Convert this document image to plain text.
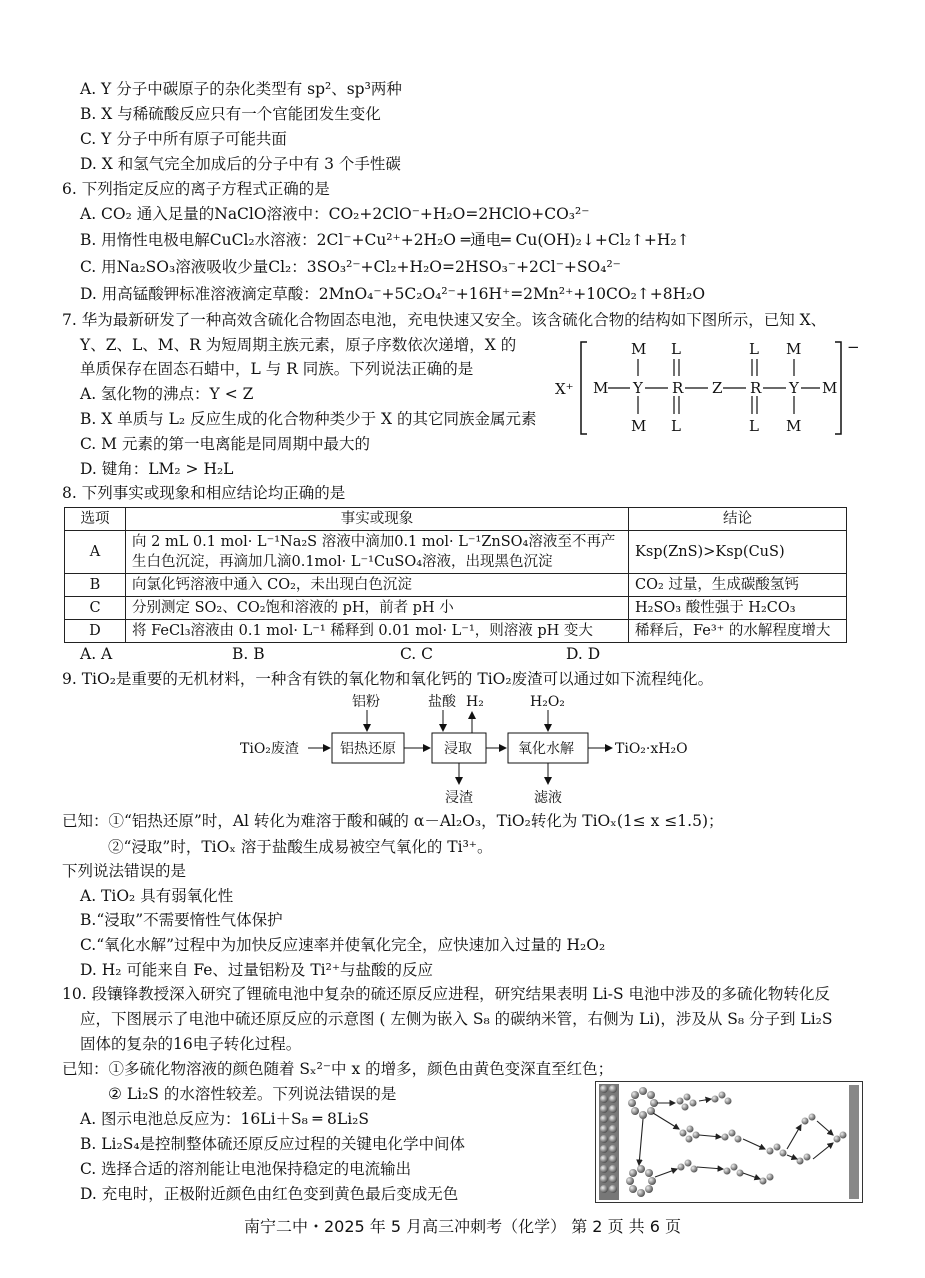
A. Y 分子中碳原子的杂化类型有 sp²、sp³两种
B. X 与稀硫酸反应只有一个官能团发生变化
C. Y 分子中所有原子可能共面
D. X 和氢气完全加成后的分子中有 3 个手性碳
6. 下列指定反应的离子方程式正确的是
A. CO₂ 通入足量的NaClO溶液中：CO₂+2ClO⁻+H₂O=2HClO+CO₃²⁻
B. 用惰性电极电解CuCl₂水溶液：2Cl⁻+Cu²⁺+2H₂O ═通电═ Cu(OH)₂↓+Cl₂↑+H₂↑
C. 用Na₂SO₃溶液吸收少量Cl₂：3SO₃²⁻+Cl₂+H₂O=2HSO₃⁻+2Cl⁻+SO₄²⁻
D. 用高锰酸钾标准溶液滴定草酸：2MnO₄⁻+5C₂O₄²⁻+16H⁺=2Mn²⁺+10CO₂↑+8H₂O
7. 华为最新研发了一种高效含硫化合物固态电池，充电快速又安全。该含硫化合物的结构如下图所示，已知 X、
Y、Z、L、M、R 为短周期主族元素，原子序数依次递增，X 的
单质保存在固态石蜡中，L 与 R 同族。下列说法正确的是
A. 氢化物的沸点：Y < Z
B. X 单质与 L₂ 反应生成的化合物种类少于 X 的其它同族金属元素
C. M 元素的第一电离能是同周期中最大的
D. 键角：LM₂ > H₂L
X⁺
−
M Y R Z R Y M
M
M
L
L
L
L
M
M
8. 下列事实或现象和相应结论均正确的是
选项	事实或现象	结论
A	向 2 mL 0.1 mol· L⁻¹Na₂S 溶液中滴加0.1 mol· L⁻¹ZnSO₄溶液至不再产生白色沉淀，再滴加几滴0.1mol· L⁻¹CuSO₄溶液，出现黑色沉淀	Ksp(ZnS)>Ksp(CuS)
B	向氯化钙溶液中通入 CO₂，未出现白色沉淀	CO₂ 过量，生成碳酸氢钙
C	分别测定 SO₂、CO₂饱和溶液的 pH，前者 pH 小	H₂SO₃ 酸性强于 H₂CO₃
D	将 FeCl₃溶液由 0.1 mol· L⁻¹ 稀释到 0.01 mol· L⁻¹，则溶液 pH 变大	稀释后，Fe³⁺ 的水解程度增大
A. A	B. B	C. C	D. D
9. TiO₂是重要的无机材料，一种含有铁的氧化物和氧化钙的 TiO₂废渣可以通过如下流程纯化。
TiO₂废渣	铝热还原
铝粉
浸取
盐酸 H₂
浸渣
氧化水解
H₂O₂
滤液
TiO₂·xH₂O
已知：①“铝热还原”时，Al 转化为难溶于酸和碱的 α－Al₂O₃，TiO₂转化为 TiOₓ(1≤ x ≤1.5)；
②“浸取”时，TiOₓ 溶于盐酸生成易被空气氧化的 Ti³⁺。
下列说法错误的是
A. TiO₂ 具有弱氧化性
B.“浸取”不需要惰性气体保护
C.“氧化水解”过程中为加快反应速率并使氧化完全，应快速加入过量的 H₂O₂
D. H₂ 可能来自 Fe、过量铝粉及 Ti²⁺与盐酸的反应
10. 段镶锋教授深入研究了锂硫电池中复杂的硫还原反应进程，研究结果表明 Li-S 电池中涉及的多硫化物转化反
应，下图展示了电池中硫还原反应的示意图 ( 左侧为嵌入 S₈ 的碳纳米管，右侧为 Li)，涉及从 S₈ 分子到 Li₂S
固体的复杂的16电子转化过程。
已知：①多硫化物溶液的颜色随着 Sₓ²⁻中 x 的增多，颜色由黄色变深直至红色；
② Li₂S 的水溶性较差。下列说法错误的是
A. 图示电池总反应为：16Li＋S₈ ═ 8Li₂S
B. Li₂S₄是控制整体硫还原反应过程的关键电化学中间体
C. 选择合适的溶剂能让电池保持稳定的电流输出
D. 充电时，正极附近颜色由红色变到黄色最后变成无色
南宁二中・2025 年 5 月高三冲刺考（化学） 第 2 页 共 6 页
